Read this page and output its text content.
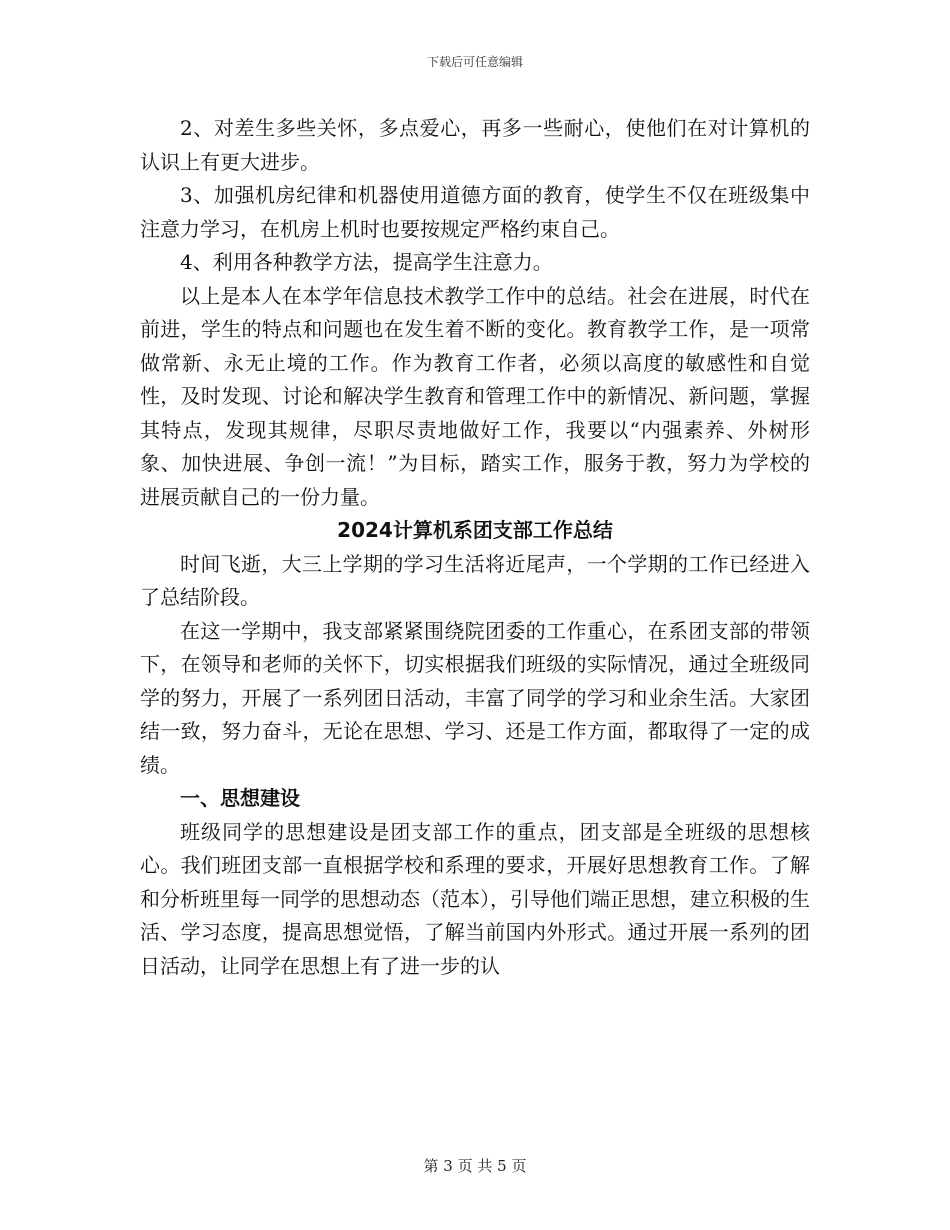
下载后可任意编辑

2、对差生多些关怀，多点爱心，再多一些耐心，使他们在对计算机的认识上有更大进步。

3、加强机房纪律和机器使用道德方面的教育，使学生不仅在班级集中注意力学习，在机房上机时也要按规定严格约束自己。

4、利用各种教学方法，提高学生注意力。

以上是本人在本学年信息技术教学工作中的总结。社会在进展，时代在前进，学生的特点和问题也在发生着不断的变化。教育教学工作，是一项常做常新、永无止境的工作。作为教育工作者，必须以高度的敏感性和自觉性，及时发现、讨论和解决学生教育和管理工作中的新情况、新问题，掌握其特点，发现其规律，尽职尽责地做好工作，我要以“内强素养、外树形象、加快进展、争创一流！”为目标，踏实工作，服务于教，努力为学校的进展贡献自己的一份力量。

2024计算机系团支部工作总结

时间飞逝，大三上学期的学习生活将近尾声，一个学期的工作已经进入了总结阶段。

在这一学期中，我支部紧紧围绕院团委的工作重心，在系团支部的带领下，在领导和老师的关怀下，切实根据我们班级的实际情况，通过全班级同学的努力，开展了一系列团日活动，丰富了同学的学习和业余生活。大家团结一致，努力奋斗，无论在思想、学习、还是工作方面，都取得了一定的成绩。

一、思想建设

班级同学的思想建设是团支部工作的重点，团支部是全班级的思想核心。我们班团支部一直根据学校和系理的要求，开展好思想教育工作。了解和分析班里每一同学的思想动态（范本），引导他们端正思想，建立积极的生活、学习态度，提高思想觉悟，了解当前国内外形式。通过开展一系列的团日活动，让同学在思想上有了进一步的认

第 3 页 共 5 页
